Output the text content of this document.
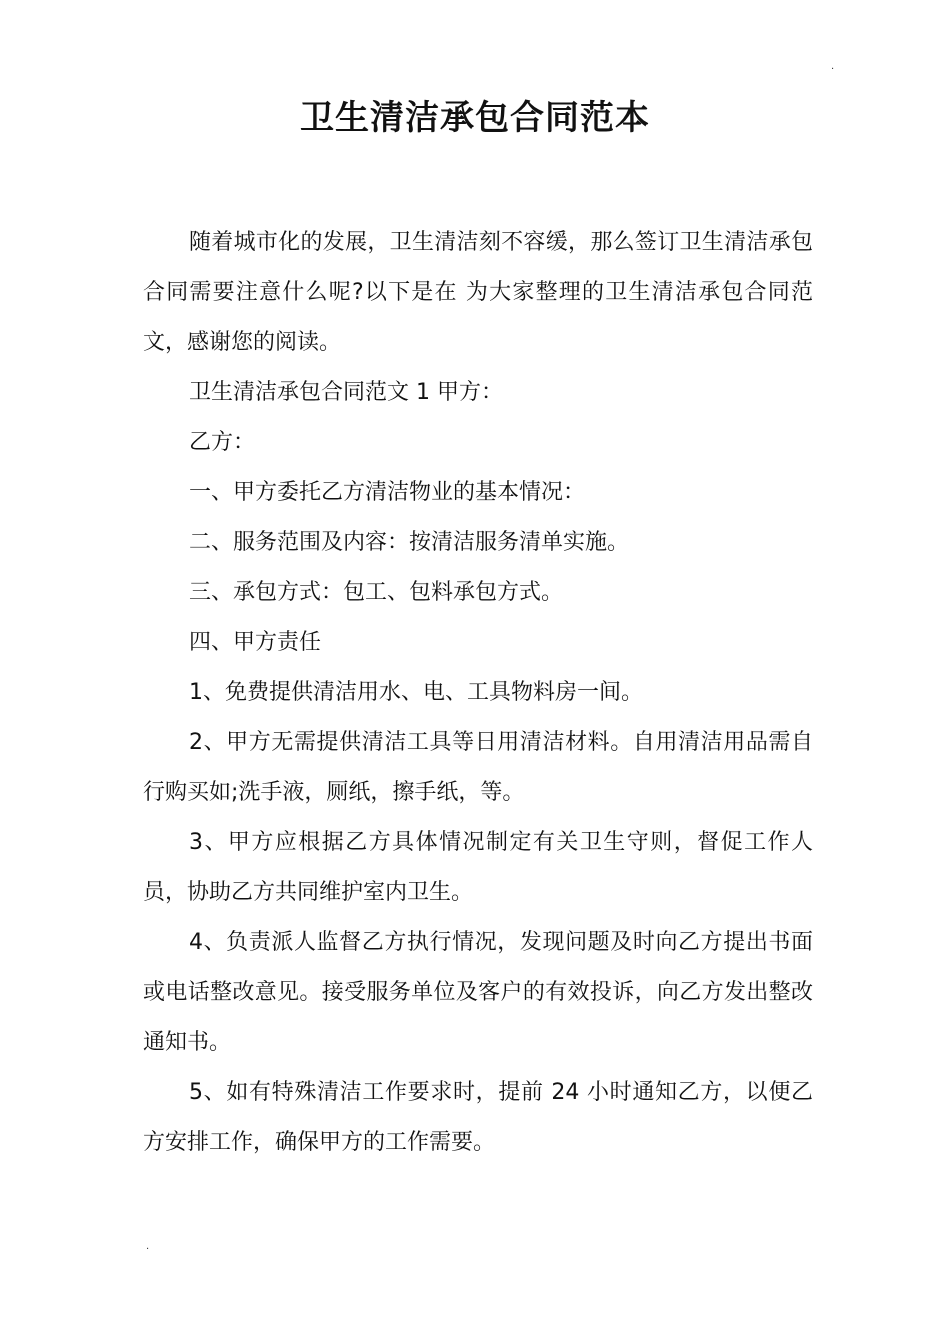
.
卫生清洁承包合同范本

随着城市化的发展，卫生清洁刻不容缓，那么签订卫生清洁承包合同需要注意什么呢?以下是在 为大家整理的卫生清洁承包合同范文，感谢您的阅读。

卫生清洁承包合同范文 1 甲方：

乙方：

一、甲方委托乙方清洁物业的基本情况：

二、服务范围及内容：按清洁服务清单实施。

三、承包方式：包工、包料承包方式。

四、甲方责任

1、免费提供清洁用水、电、工具物料房一间。

2、甲方无需提供清洁工具等日用清洁材料。自用清洁用品需自行购买如;洗手液，厕纸，擦手纸，等。

3、甲方应根据乙方具体情况制定有关卫生守则，督促工作人员，协助乙方共同维护室内卫生。

4、负责派人监督乙方执行情况，发现问题及时向乙方提出书面或电话整改意见。接受服务单位及客户的有效投诉，向乙方发出整改通知书。

5、如有特殊清洁工作要求时，提前 24 小时通知乙方，以便乙方安排工作，确保甲方的工作需要。

.
